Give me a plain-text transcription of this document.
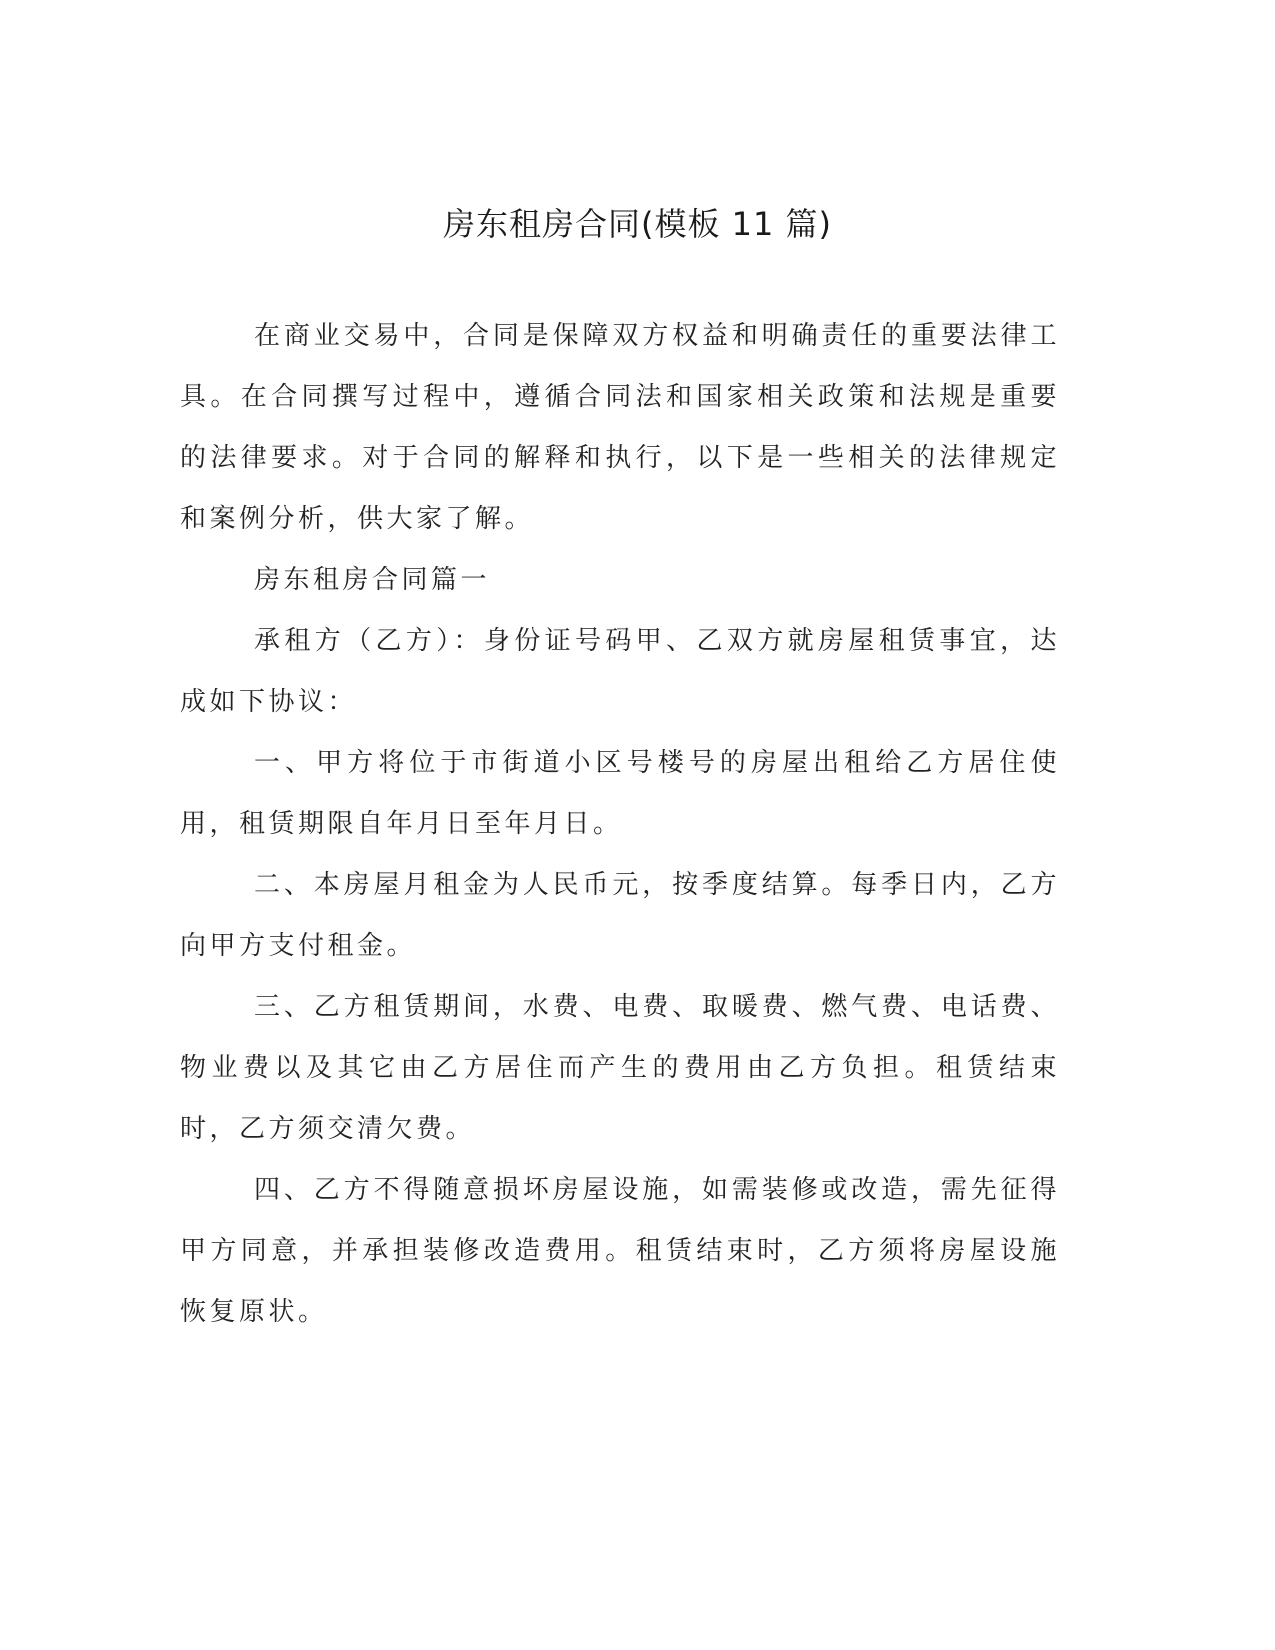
房东租房合同(模板 11 篇)

在商业交易中，合同是保障双方权益和明确责任的重要法律工具。在合同撰写过程中，遵循合同法和国家相关政策和法规是重要的法律要求。对于合同的解释和执行，以下是一些相关的法律规定和案例分析，供大家了解。

房东租房合同篇一

承租方（乙方）：身份证号码甲、乙双方就房屋租赁事宜，达成如下协议：

一、甲方将位于市街道小区号楼号的房屋出租给乙方居住使用，租赁期限自年月日至年月日。

二、本房屋月租金为人民币元，按季度结算。每季日内，乙方向甲方支付租金。

三、乙方租赁期间，水费、电费、取暖费、燃气费、电话费、物业费以及其它由乙方居住而产生的费用由乙方负担。租赁结束时，乙方须交清欠费。

四、乙方不得随意损坏房屋设施，如需装修或改造，需先征得甲方同意，并承担装修改造费用。租赁结束时，乙方须将房屋设施恢复原状。
